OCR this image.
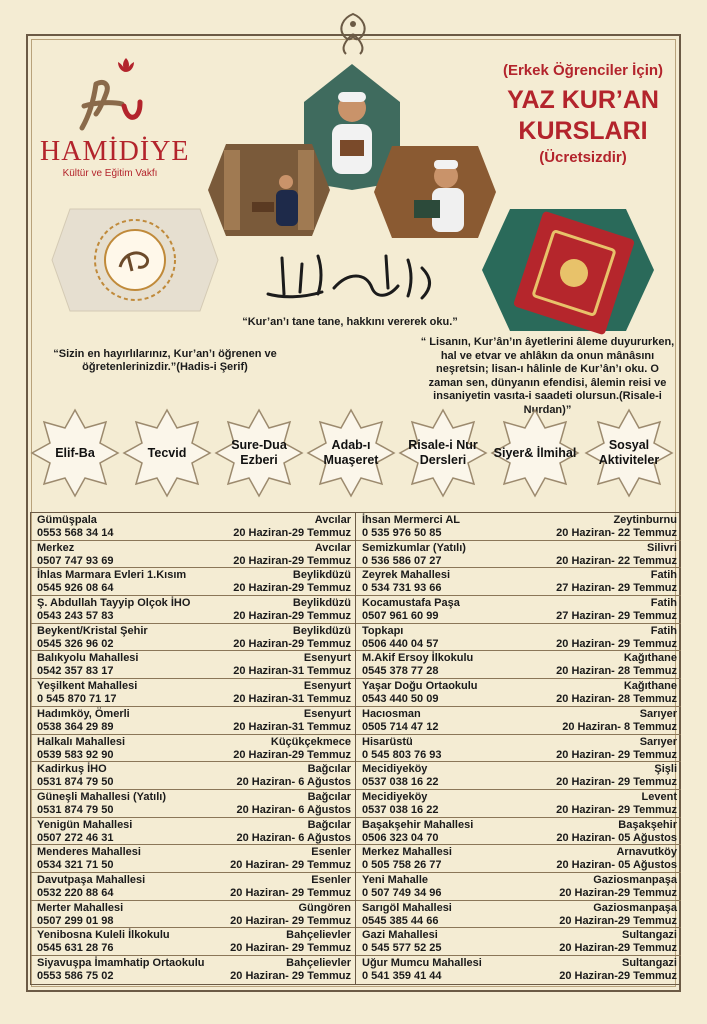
HAMİDİYE
Kültür ve Eğitim Vakfı
(Erkek Öğrenciler İçin)
YAZ KUR’AN
KURSLARI
(Ücretsizdir)
“Kur’an’ı tane tane, hakkını vererek oku.”
“Sizin en hayırlılarınız, Kur’an’ı öğrenen ve öğretenlerinizdir.”(Hadis-i Şerif)
“ Lisanın, Kur’ân’ın âyetlerini âleme duyururken, hal ve etvar ve ahlâkın da onun mânâsını neşretsin; lisan-ı hâlinle de Kur’ân’ı oku. O zaman sen, dünyanın efendisi, âlemin reisi ve insaniyetin vasıta-i saadeti olursun.(Risale-i Nurdan)”
Elif-Ba	Tecvid
Sure-Dua Ezberi
Adab-ı Muaşeret
Risale-i Nur Dersleri
Siyer& İlmihal
Sosyal Aktiviteler
Gümüşpala	Avcılar
0553 568 34 14	20 Haziran-29 Temmuz
Merkez	Avcılar
0507 747 93 69	20 Haziran-29 Temmuz
İhlas Marmara Evleri 1.Kısım	Beylikdüzü
0545 926 08 64	20 Haziran-29 Temmuz
Ş. Abdullah Tayyip Olçok İHO	Beylikdüzü
0543 243 57 83	20 Haziran-29 Temmuz
Beykent/Kristal Şehir	Beylikdüzü
0545 326 96 02	20 Haziran-29 Temmuz
Balıkyolu Mahallesi	Esenyurt
0542 357 83 17	20 Haziran-31 Temmuz
Yeşilkent Mahallesi	Esenyurt
0 545 870 71 17	20 Haziran-31 Temmuz
Hadımköy, Ömerli	Esenyurt
0538 364 29 89	20 Haziran-31 Temmuz
Halkalı Mahallesi	Küçükçekmece
0539 583 92 90	20 Haziran-29 Temmuz
Kadirkuş İHO	Bağcılar
0531 874 79 50	20 Haziran- 6 Ağustos
Güneşli Mahallesi (Yatılı)	Bağcılar
0531 874 79 50	20 Haziran- 6 Ağustos
Yenigün Mahallesi	Bağcılar
0507 272 46 31	20 Haziran- 6 Ağustos
Menderes Mahallesi	Esenler
0534 321 71 50	20 Haziran- 29 Temmuz
Davutpaşa Mahallesi	Esenler
0532 220 88 64	20 Haziran- 29 Temmuz
Merter Mahallesi	Güngören
0507 299 01 98	20 Haziran- 29 Temmuz
Yenibosna Kuleli İlkokulu	Bahçelievler
0545 631 28 76	20 Haziran- 29 Temmuz
Siyavuşpa İmamhatip Ortaokulu	Bahçelievler
0553 586 75 02	20 Haziran- 29 Temmuz
İhsan Mermerci AL	Zeytinburnu
0 535 976 50 85	20 Haziran- 22 Temmuz
Semizkumlar (Yatılı)	Silivri
0 536 586 07 27	20 Haziran- 22 Temmuz
Zeyrek Mahallesi	Fatih
0 534 731 93 66	27 Haziran- 29 Temmuz
Kocamustafa Paşa	Fatih
0507 961 60 99	27 Haziran- 29 Temmuz
Topkapı	Fatih
0506 440 04 57	20 Haziran- 29 Temmuz
M.Akif Ersoy İlkokulu	Kağıthane
0545 378 77 28	20 Haziran- 28 Temmuz
Yaşar Doğu Ortaokulu	Kağıthane
0543 440 50 09	20 Haziran- 28 Temmuz
Hacıosman	Sarıyer
0505 714 47 12	20 Haziran- 8 Temmuz
Hisarüstü	Sarıyer
0 545 803 76 93	20 Haziran- 29 Temmuz
Mecidiyeköy	Şişli
0537 038 16 22	20 Haziran- 29 Temmuz
Mecidiyeköy	Levent
0537 038 16 22	20 Haziran- 29 Temmuz
Başakşehir Mahallesi	Başakşehir
0506 323 04 70	20 Haziran- 05 Ağustos
Merkez Mahallesi	Arnavutköy
0 505 758 26 77	20 Haziran- 05 Ağustos
Yeni Mahalle	Gaziosmanpaşa
0 507 749 34 96	20 Haziran-29 Temmuz
Sarıgöl Mahallesi	Gaziosmanpaşa
0545 385 44 66	20 Haziran-29 Temmuz
Gazi Mahallesi	Sultangazi
0 545 577 52 25	20 Haziran-29 Temmuz
Uğur Mumcu Mahallesi	Sultangazi
0 541 359 41 44	20 Haziran-29 Temmuz
